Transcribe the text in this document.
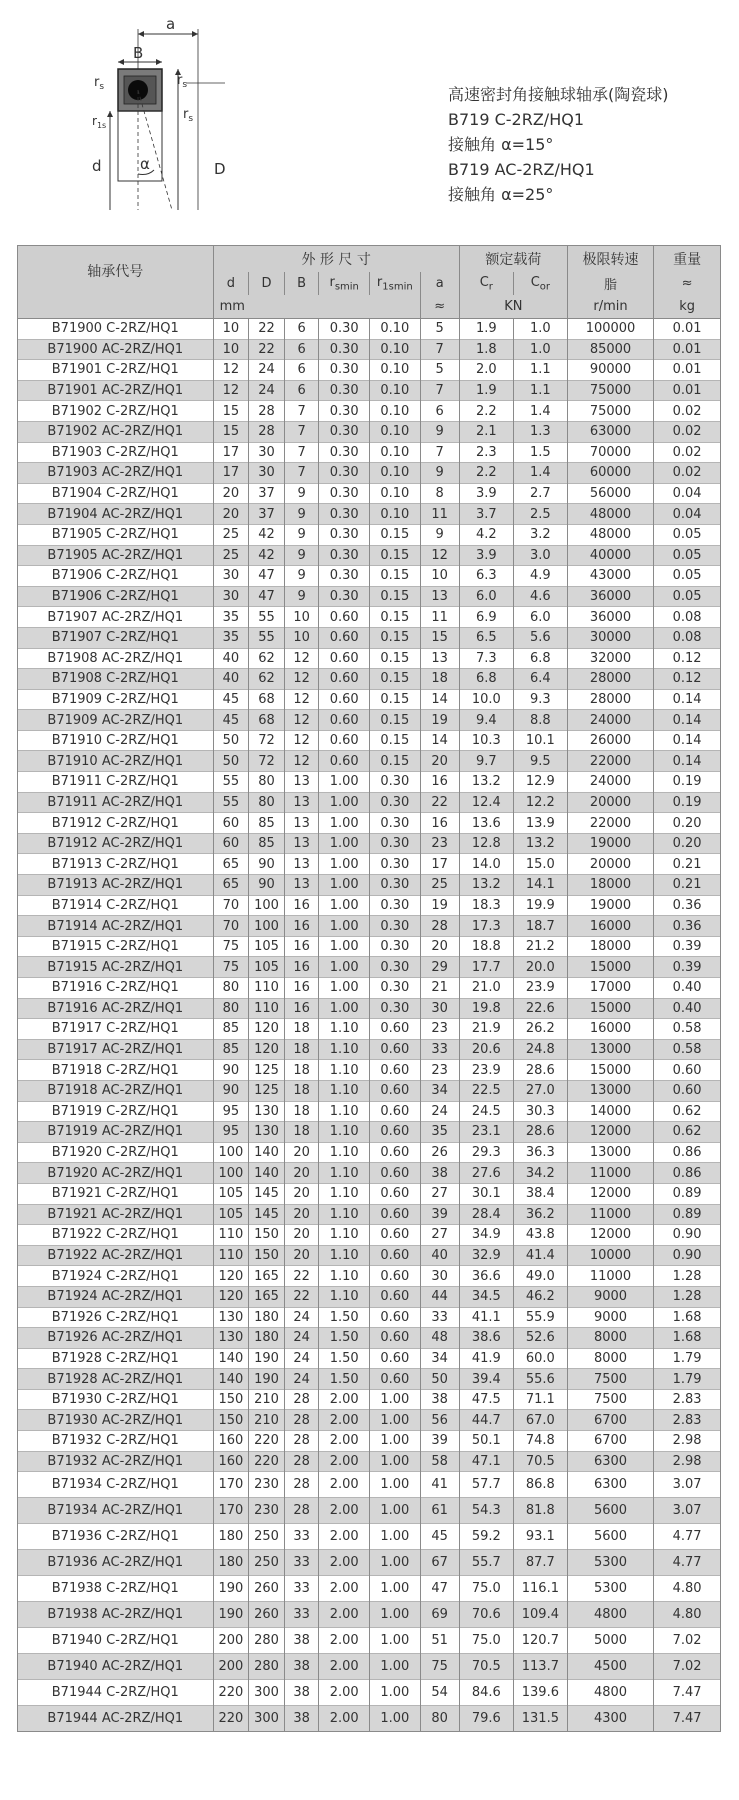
a
B
α
d	D
$r_s$	$r_s$
$r_{1s}$
$r_s$
高速密封角接触球轴承(陶瓷球)
B719 C-2RZ/HQ1
接触角 α=15°
B719 AC-2RZ/HQ1
接触角 α=25°
轴承代号	外 形 尺 寸						额定载荷		极限转速	重量
	d	D	B	$r_{smin}$	$r_{1smin}$	a	$C_r$	$C_{or}$	脂	≈
	mm					≈	KN		r/min	kg
B71900 C-2RZ/HQ1	10	22	6	0.30	0.10	5	1.9	1.0	100000	0.01
B71900 AC-2RZ/HQ1	10	22	6	0.30	0.10	7	1.8	1.0	85000	0.01
B71901 C-2RZ/HQ1	12	24	6	0.30	0.10	5	2.0	1.1	90000	0.01
B71901 AC-2RZ/HQ1	12	24	6	0.30	0.10	7	1.9	1.1	75000	0.01
B71902 C-2RZ/HQ1	15	28	7	0.30	0.10	6	2.2	1.4	75000	0.02
B71902 AC-2RZ/HQ1	15	28	7	0.30	0.10	9	2.1	1.3	63000	0.02
B71903 C-2RZ/HQ1	17	30	7	0.30	0.10	7	2.3	1.5	70000	0.02
B71903 AC-2RZ/HQ1	17	30	7	0.30	0.10	9	2.2	1.4	60000	0.02
B71904 C-2RZ/HQ1	20	37	9	0.30	0.10	8	3.9	2.7	56000	0.04
B71904 AC-2RZ/HQ1	20	37	9	0.30	0.10	11	3.7	2.5	48000	0.04
B71905 C-2RZ/HQ1	25	42	9	0.30	0.15	9	4.2	3.2	48000	0.05
B71905 AC-2RZ/HQ1	25	42	9	0.30	0.15	12	3.9	3.0	40000	0.05
B71906 C-2RZ/HQ1	30	47	9	0.30	0.15	10	6.3	4.9	43000	0.05
B71906 C-2RZ/HQ1	30	47	9	0.30	0.15	13	6.0	4.6	36000	0.05
B71907 AC-2RZ/HQ1	35	55	10	0.60	0.15	11	6.9	6.0	36000	0.08
B71907 C-2RZ/HQ1	35	55	10	0.60	0.15	15	6.5	5.6	30000	0.08
B71908 AC-2RZ/HQ1	40	62	12	0.60	0.15	13	7.3	6.8	32000	0.12
B71908 C-2RZ/HQ1	40	62	12	0.60	0.15	18	6.8	6.4	28000	0.12
B71909 C-2RZ/HQ1	45	68	12	0.60	0.15	14	10.0	9.3	28000	0.14
B71909 AC-2RZ/HQ1	45	68	12	0.60	0.15	19	9.4	8.8	24000	0.14
B71910 C-2RZ/HQ1	50	72	12	0.60	0.15	14	10.3	10.1	26000	0.14
B71910 AC-2RZ/HQ1	50	72	12	0.60	0.15	20	9.7	9.5	22000	0.14
B71911 C-2RZ/HQ1	55	80	13	1.00	0.30	16	13.2	12.9	24000	0.19
B71911 AC-2RZ/HQ1	55	80	13	1.00	0.30	22	12.4	12.2	20000	0.19
B71912 C-2RZ/HQ1	60	85	13	1.00	0.30	16	13.6	13.9	22000	0.20
B71912 AC-2RZ/HQ1	60	85	13	1.00	0.30	23	12.8	13.2	19000	0.20
B71913 C-2RZ/HQ1	65	90	13	1.00	0.30	17	14.0	15.0	20000	0.21
B71913 AC-2RZ/HQ1	65	90	13	1.00	0.30	25	13.2	14.1	18000	0.21
B71914 C-2RZ/HQ1	70	100	16	1.00	0.30	19	18.3	19.9	19000	0.36
B71914 AC-2RZ/HQ1	70	100	16	1.00	0.30	28	17.3	18.7	16000	0.36
B71915 C-2RZ/HQ1	75	105	16	1.00	0.30	20	18.8	21.2	18000	0.39
B71915 AC-2RZ/HQ1	75	105	16	1.00	0.30	29	17.7	20.0	15000	0.39
B71916 C-2RZ/HQ1	80	110	16	1.00	0.30	21	21.0	23.9	17000	0.40
B71916 AC-2RZ/HQ1	80	110	16	1.00	0.30	30	19.8	22.6	15000	0.40
B71917 C-2RZ/HQ1	85	120	18	1.10	0.60	23	21.9	26.2	16000	0.58
B71917 AC-2RZ/HQ1	85	120	18	1.10	0.60	33	20.6	24.8	13000	0.58
B71918 C-2RZ/HQ1	90	125	18	1.10	0.60	23	23.9	28.6	15000	0.60
B71918 AC-2RZ/HQ1	90	125	18	1.10	0.60	34	22.5	27.0	13000	0.60
B71919 C-2RZ/HQ1	95	130	18	1.10	0.60	24	24.5	30.3	14000	0.62
B71919 AC-2RZ/HQ1	95	130	18	1.10	0.60	35	23.1	28.6	12000	0.62
B71920 C-2RZ/HQ1	100	140	20	1.10	0.60	26	29.3	36.3	13000	0.86
B71920 AC-2RZ/HQ1	100	140	20	1.10	0.60	38	27.6	34.2	11000	0.86
B71921 C-2RZ/HQ1	105	145	20	1.10	0.60	27	30.1	38.4	12000	0.89
B71921 AC-2RZ/HQ1	105	145	20	1.10	0.60	39	28.4	36.2	11000	0.89
B71922 C-2RZ/HQ1	110	150	20	1.10	0.60	27	34.9	43.8	12000	0.90
B71922 AC-2RZ/HQ1	110	150	20	1.10	0.60	40	32.9	41.4	10000	0.90
B71924 C-2RZ/HQ1	120	165	22	1.10	0.60	30	36.6	49.0	11000	1.28
B71924 AC-2RZ/HQ1	120	165	22	1.10	0.60	44	34.5	46.2	9000	1.28
B71926 C-2RZ/HQ1	130	180	24	1.50	0.60	33	41.1	55.9	9000	1.68
B71926 AC-2RZ/HQ1	130	180	24	1.50	0.60	48	38.6	52.6	8000	1.68
B71928 C-2RZ/HQ1	140	190	24	1.50	0.60	34	41.9	60.0	8000	1.79
B71928 AC-2RZ/HQ1	140	190	24	1.50	0.60	50	39.4	55.6	7500	1.79
B71930 C-2RZ/HQ1	150	210	28	2.00	1.00	38	47.5	71.1	7500	2.83
B71930 AC-2RZ/HQ1	150	210	28	2.00	1.00	56	44.7	67.0	6700	2.83
B71932 C-2RZ/HQ1	160	220	28	2.00	1.00	39	50.1	74.8	6700	2.98
B71932 AC-2RZ/HQ1	160	220	28	2.00	1.00	58	47.1	70.5	6300	2.98
B71934 C-2RZ/HQ1	170	230	28	2.00	1.00	41	57.7	86.8	6300	3.07
B71934 AC-2RZ/HQ1	170	230	28	2.00	1.00	61	54.3	81.8	5600	3.07
B71936 C-2RZ/HQ1	180	250	33	2.00	1.00	45	59.2	93.1	5600	4.77
B71936 AC-2RZ/HQ1	180	250	33	2.00	1.00	67	55.7	87.7	5300	4.77
B71938 C-2RZ/HQ1	190	260	33	2.00	1.00	47	75.0	116.1	5300	4.80
B71938 AC-2RZ/HQ1	190	260	33	2.00	1.00	69	70.6	109.4	4800	4.80
B71940 C-2RZ/HQ1	200	280	38	2.00	1.00	51	75.0	120.7	5000	7.02
B71940 AC-2RZ/HQ1	200	280	38	2.00	1.00	75	70.5	113.7	4500	7.02
B71944 C-2RZ/HQ1	220	300	38	2.00	1.00	54	84.6	139.6	4800	7.47
B71944 AC-2RZ/HQ1	220	300	38	2.00	1.00	80	79.6	131.5	4300	7.47
